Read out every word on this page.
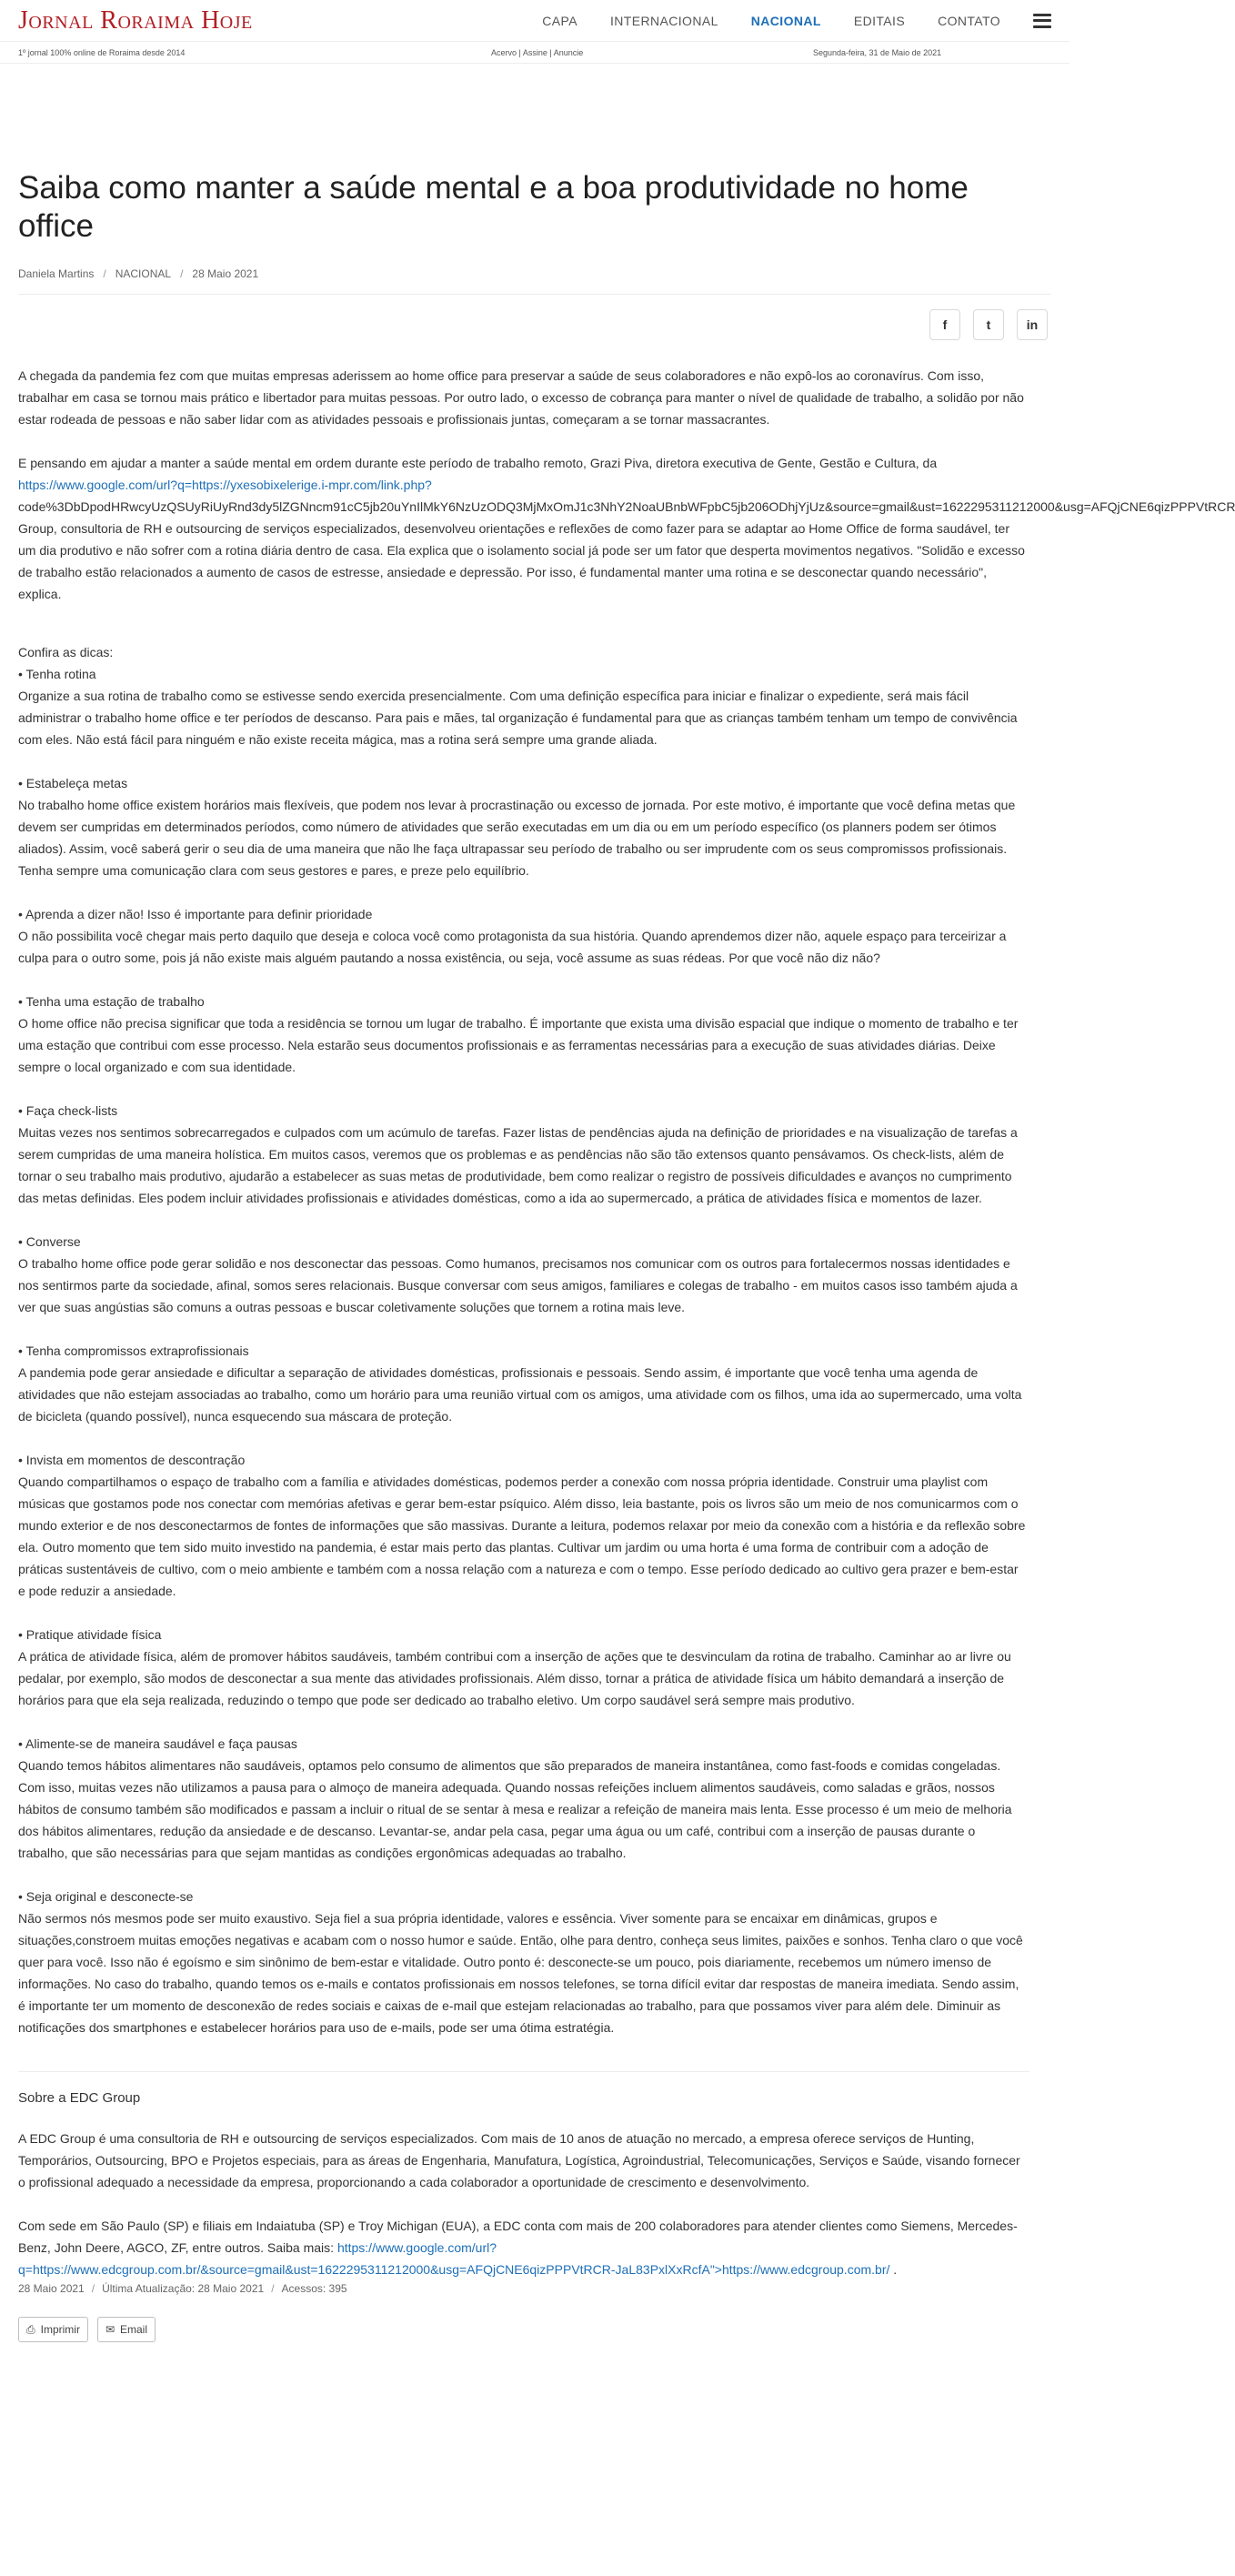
Jornal Roraima Hoje	CAPA	INTERNACIONAL	NACIONAL	EDITAIS	CONTATO
1º jornal 100% online de Roraima desde 2014	Acervo | Assine | Anuncie	Segunda-feira, 31 de Maio de 2021
Saiba como manter a saúde mental e a boa produtividade no home office
Daniela Martins / NACIONAL / 28 Maio 2021
f	t	in

A chegada da pandemia fez com que muitas empresas aderissem ao home office para preservar a saúde de seus colaboradores e não expô-los ao coronavírus. Com isso, trabalhar em casa se tornou mais prático e libertador para muitas pessoas. Por outro lado, o excesso de cobrança para manter o nível de qualidade de trabalho, a solidão por não estar rodeada de pessoas e não saber lidar com as atividades pessoais e profissionais juntas, começaram a se tornar massacrantes.

E pensando em ajudar a manter a saúde mental em ordem durante este período de trabalho remoto, Grazi Piva, diretora executiva de Gente, Gestão e Cultura, da https://www.google.com/url?q=https://yxesobixelerige.i-mpr.com/link.php?
code%3DbDpodHRwcyUzQSUyRiUyRnd3dy5lZGNncm91cC5jb20uYnIlMkY6NzUzODQ3MjMxOmJ1c3NhY2NoaUBnbWFpbC5jb206ODhjYjUz&source=gmail&ust=1622295311212000&usg=AFQjCNE6qizPPPVtRCR
Group, consultoria de RH e outsourcing de serviços especializados, desenvolveu orientações e reflexões de como fazer para se adaptar ao Home Office de forma saudável, ter um dia produtivo e não sofrer com a rotina diária dentro de casa. Ela explica que o isolamento social já pode ser um fator que desperta movimentos negativos. "Solidão e excesso de trabalho estão relacionados a aumento de casos de estresse, ansiedade e depressão. Por isso, é fundamental manter uma rotina e se desconectar quando necessário", explica.

Confira as dicas:
• Tenha rotina
Organize a sua rotina de trabalho como se estivesse sendo exercida presencialmente. Com uma definição específica para iniciar e finalizar o expediente, será mais fácil administrar o trabalho home office e ter períodos de descanso. Para pais e mães, tal organização é fundamental para que as crianças também tenham um tempo de convivência com eles. Não está fácil para ninguém e não existe receita mágica, mas a rotina será sempre uma grande aliada.
• Estabeleça metas
No trabalho home office existem horários mais flexíveis, que podem nos levar à procrastinação ou excesso de jornada. Por este motivo, é importante que você defina metas que devem ser cumpridas em determinados períodos, como número de atividades que serão executadas em um dia ou em um período específico (os planners podem ser ótimos aliados). Assim, você saberá gerir o seu dia de uma maneira que não lhe faça ultrapassar seu período de trabalho ou ser imprudente com os seus compromissos profissionais. Tenha sempre uma comunicação clara com seus gestores e pares, e preze pelo equilíbrio.
• Aprenda a dizer não! Isso é importante para definir prioridade
O não possibilita você chegar mais perto daquilo que deseja e coloca você como protagonista da sua história. Quando aprendemos dizer não, aquele espaço para terceirizar a culpa para o outro some, pois já não existe mais alguém pautando a nossa existência, ou seja, você assume as suas rédeas. Por que você não diz não?
• Tenha uma estação de trabalho
O home office não precisa significar que toda a residência se tornou um lugar de trabalho. É importante que exista uma divisão espacial que indique o momento de trabalho e ter uma estação que contribui com esse processo. Nela estarão seus documentos profissionais e as ferramentas necessárias para a execução de suas atividades diárias. Deixe sempre o local organizado e com sua identidade.
• Faça check-lists
Muitas vezes nos sentimos sobrecarregados e culpados com um acúmulo de tarefas. Fazer listas de pendências ajuda na definição de prioridades e na visualização de tarefas a serem cumpridas de uma maneira holística. Em muitos casos, veremos que os problemas e as pendências não são tão extensos quanto pensávamos. Os check-lists, além de tornar o seu trabalho mais produtivo, ajudarão a estabelecer as suas metas de produtividade, bem como realizar o registro de possíveis dificuldades e avanços no cumprimento das metas definidas. Eles podem incluir atividades profissionais e atividades domésticas, como a ida ao supermercado, a prática de atividades física e momentos de lazer.
• Converse
O trabalho home office pode gerar solidão e nos desconectar das pessoas. Como humanos, precisamos nos comunicar com os outros para fortalecermos nossas identidades e nos sentirmos parte da sociedade, afinal, somos seres relacionais. Busque conversar com seus amigos, familiares e colegas de trabalho - em muitos casos isso também ajuda a ver que suas angústias são comuns a outras pessoas e buscar coletivamente soluções que tornem a rotina mais leve.
• Tenha compromissos extraprofissionais
A pandemia pode gerar ansiedade e dificultar a separação de atividades domésticas, profissionais e pessoais. Sendo assim, é importante que você tenha uma agenda de atividades que não estejam associadas ao trabalho, como um horário para uma reunião virtual com os amigos, uma atividade com os filhos, uma ida ao supermercado, uma volta de bicicleta (quando possível), nunca esquecendo sua máscara de proteção.
• Invista em momentos de descontração
Quando compartilhamos o espaço de trabalho com a família e atividades domésticas, podemos perder a conexão com nossa própria identidade. Construir uma playlist com músicas que gostamos pode nos conectar com memórias afetivas e gerar bem-estar psíquico. Além disso, leia bastante, pois os livros são um meio de nos comunicarmos com o mundo exterior e de nos desconectarmos de fontes de informações que são massivas. Durante a leitura, podemos relaxar por meio da conexão com a história e da reflexão sobre ela. Outro momento que tem sido muito investido na pandemia, é estar mais perto das plantas. Cultivar um jardim ou uma horta é uma forma de contribuir com a adoção de práticas sustentáveis de cultivo, com o meio ambiente e também com a nossa relação com a natureza e com o tempo. Esse período dedicado ao cultivo gera prazer e bem-estar e pode reduzir a ansiedade.
• Pratique atividade física
A prática de atividade física, além de promover hábitos saudáveis, também contribui com a inserção de ações que te desvinculam da rotina de trabalho. Caminhar ao ar livre ou pedalar, por exemplo, são modos de desconectar a sua mente das atividades profissionais. Além disso, tornar a prática de atividade física um hábito demandará a inserção de horários para que ela seja realizada, reduzindo o tempo que pode ser dedicado ao trabalho eletivo. Um corpo saudável será sempre mais produtivo.
• Alimente-se de maneira saudável e faça pausas
Quando temos hábitos alimentares não saudáveis, optamos pelo consumo de alimentos que são preparados de maneira instantânea, como fast-foods e comidas congeladas. Com isso, muitas vezes não utilizamos a pausa para o almoço de maneira adequada. Quando nossas refeições incluem alimentos saudáveis, como saladas e grãos, nossos hábitos de consumo também são modificados e passam a incluir o ritual de se sentar à mesa e realizar a refeição de maneira mais lenta. Esse processo é um meio de melhoria dos hábitos alimentares, redução da ansiedade e de descanso. Levantar-se, andar pela casa, pegar uma água ou um café, contribui com a inserção de pausas durante o trabalho, que são necessárias para que sejam mantidas as condições ergonômicas adequadas ao trabalho.
• Seja original e desconecte-se
Não sermos nós mesmos pode ser muito exaustivo. Seja fiel a sua própria identidade, valores e essência. Viver somente para se encaixar em dinâmicas, grupos e situações,constroem muitas emoções negativas e acabam com o nosso humor e saúde. Então, olhe para dentro, conheça seus limites, paixões e sonhos. Tenha claro o que você quer para você. Isso não é egoísmo e sim sinônimo de bem-estar e vitalidade. Outro ponto é: desconecte-se um pouco, pois diariamente, recebemos um número imenso de informações. No caso do trabalho, quando temos os e-mails e contatos profissionais em nossos telefones, se torna difícil evitar dar respostas de maneira imediata. Sendo assim, é importante ter um momento de desconexão de redes sociais e caixas de e-mail que estejam relacionadas ao trabalho, para que possamos viver para além dele. Diminuir as notificações dos smartphones e estabelecer horários para uso de e-mails, pode ser uma ótima estratégia.
Sobre a EDC Group

A EDC Group é uma consultoria de RH e outsourcing de serviços especializados. Com mais de 10 anos de atuação no mercado, a empresa oferece serviços de Hunting, Temporários, Outsourcing, BPO e Projetos especiais, para as áreas de Engenharia, Manufatura, Logística, Agroindustrial, Telecomunicações, Serviços e Saúde, visando fornecer o profissional adequado a necessidade da empresa, proporcionando a cada colaborador a oportunidade de crescimento e desenvolvimento.

Com sede em São Paulo (SP) e filiais em Indaiatuba (SP) e Troy Michigan (EUA), a EDC conta com mais de 200 colaboradores para atender clientes como Siemens, Mercedes-Benz, John Deere, AGCO, ZF, entre outros. Saiba mais: https://www.google.com/url?
q=https://www.edcgroup.com.br/&source=gmail&ust=1622295311212000&usg=AFQjCNE6qizPPPVtRCR-JaL83PxlXxRcfA">https://www.edcgroup.com.br/ .

28 Maio 2021 / Última Atualização: 28 Maio 2021 / Acessos: 395
⎙ Imprimir ✉ Email
